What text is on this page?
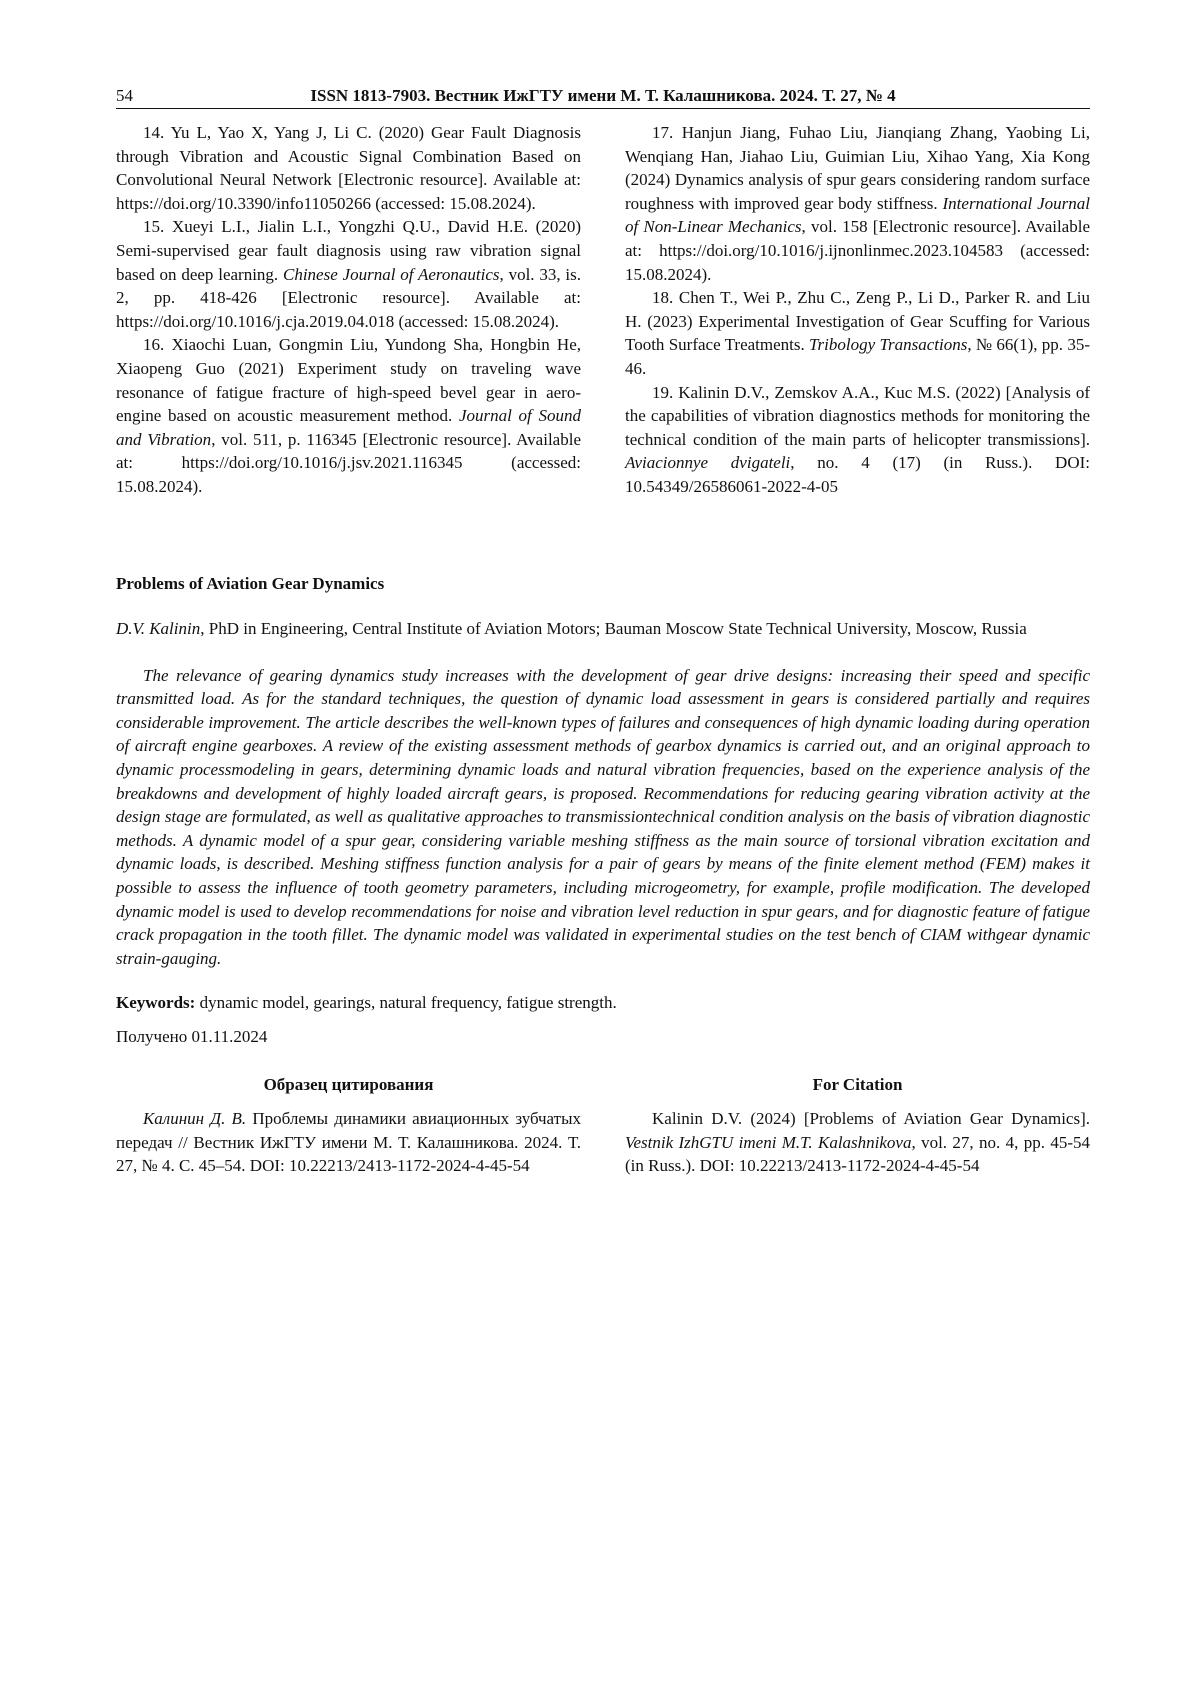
54	ISSN 1813-7903. Вестник ИжГТУ имени М. Т. Калашникова. 2024. Т. 27, № 4
14. Yu L, Yao X, Yang J, Li C. (2020) Gear Fault Diagnosis through Vibration and Acoustic Signal Combination Based on Convolutional Neural Network [Electronic resource]. Available at: https://doi.org/10.3390/info11050266 (accessed: 15.08.2024).
15. Xueyi L.I., Jialin L.I., Yongzhi Q.U., David H.E. (2020) Semi-supervised gear fault diagnosis using raw vibration signal based on deep learning. Chinese Journal of Aeronautics, vol. 33, is. 2, pp. 418-426 [Electronic resource]. Available at: https://doi.org/10.1016/j.cja.2019.04.018 (accessed: 15.08.2024).
16. Xiaochi Luan, Gongmin Liu, Yundong Sha, Hongbin He, Xiaopeng Guo (2021) Experiment study on traveling wave resonance of fatigue fracture of high-speed bevel gear in aero-engine based on acoustic measurement method. Journal of Sound and Vibration, vol. 511, p. 116345 [Electronic resource]. Available at: https://doi.org/10.1016/j.jsv.2021.116345 (accessed: 15.08.2024).
17. Hanjun Jiang, Fuhao Liu, Jianqiang Zhang, Yaobing Li, Wenqiang Han, Jiahao Liu, Guimian Liu, Xihao Yang, Xia Kong (2024) Dynamics analysis of spur gears considering random surface roughness with improved gear body stiffness. International Journal of Non-Linear Mechanics, vol. 158 [Electronic resource]. Available at: https://doi.org/10.1016/j.ijnonlinmec.2023.104583 (accessed: 15.08.2024).
18. Chen T., Wei P., Zhu C., Zeng P., Li D., Parker R. and Liu H. (2023) Experimental Investigation of Gear Scuffing for Various Tooth Surface Treatments. Tribology Transactions, № 66(1), pp. 35-46.
19. Kalinin D.V., Zemskov A.A., Kuc M.S. (2022) [Analysis of the capabilities of vibration diagnostics methods for monitoring the technical condition of the main parts of helicopter transmissions]. Aviacionnye dvigateli, no. 4 (17) (in Russ.). DOI: 10.54349/26586061-2022-4-05
Problems of Aviation Gear Dynamics
D.V. Kalinin, PhD in Engineering, Central Institute of Aviation Motors; Bauman Moscow State Technical University, Moscow, Russia
The relevance of gearing dynamics study increases with the development of gear drive designs: increasing their speed and specific transmitted load. As for the standard techniques, the question of dynamic load assessment in gears is considered partially and requires considerable improvement. The article describes the well-known types of failures and consequences of high dynamic loading during operation of aircraft engine gearboxes. A review of the existing assessment methods of gearbox dynamics is carried out, and an original approach to dynamic processmodeling in gears, determining dynamic loads and natural vibration frequencies, based on the experience analysis of the breakdowns and development of highly loaded aircraft gears, is proposed. Recommendations for reducing gearing vibration activity at the design stage are formulated, as well as qualitative approaches to transmissiontechnical condition analysis on the basis of vibration diagnostic methods. A dynamic model of a spur gear, considering variable meshing stiffness as the main source of torsional vibration excitation and dynamic loads, is described. Meshing stiffness function analysis for a pair of gears by means of the finite element method (FEM) makes it possible to assess the influence of tooth geometry parameters, including microgeometry, for example, profile modification. The developed dynamic model is used to develop recommendations for noise and vibration level reduction in spur gears, and for diagnostic feature of fatigue crack propagation in the tooth fillet. The dynamic model was validated in experimental studies on the test bench of CIAM withgear dynamic strain-gauging.
Keywords: dynamic model, gearings, natural frequency, fatigue strength.
Получено 01.11.2024
Образец цитирования
Калинин Д. В. Проблемы динамики авиационных зубчатых передач // Вестник ИжГТУ имени М. Т. Калашникова. 2024. Т. 27, № 4. С. 45–54. DOI: 10.22213/2413-1172-2024-4-45-54
For Citation
Kalinin D.V. (2024) [Problems of Aviation Gear Dynamics]. Vestnik IzhGTU imeni M.T. Kalashnikova, vol. 27, no. 4, pp. 45-54 (in Russ.). DOI: 10.22213/2413-1172-2024-4-45-54
